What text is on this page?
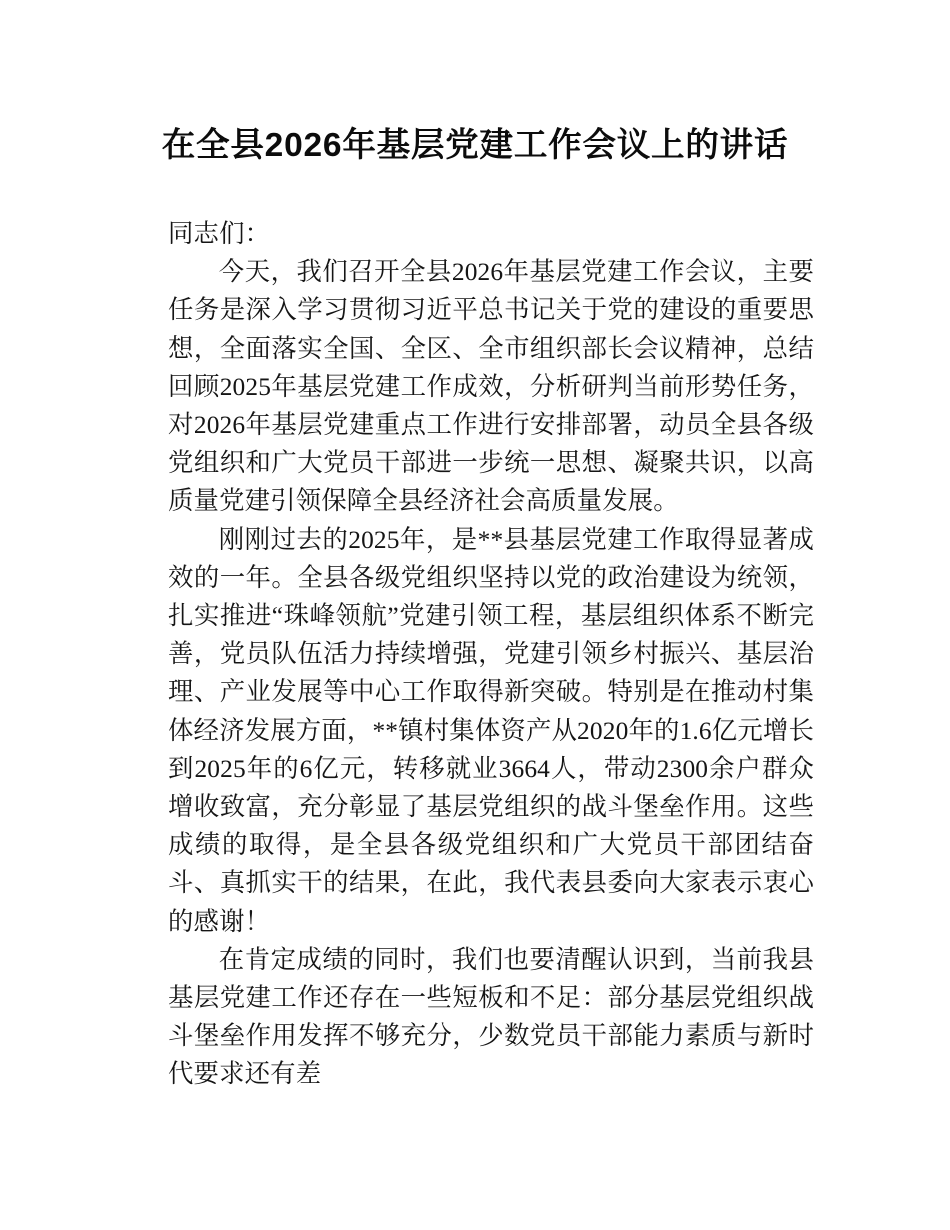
在全县2026年基层党建工作会议上的讲话

同志们：

今天，我们召开全县2026年基层党建工作会议，主要任务是深入学习贯彻习近平总书记关于党的建设的重要思想，全面落实全国、全区、全市组织部长会议精神，总结回顾2025年基层党建工作成效，分析研判当前形势任务，对2026年基层党建重点工作进行安排部署，动员全县各级党组织和广大党员干部进一步统一思想、凝聚共识，以高质量党建引领保障全县经济社会高质量发展。

刚刚过去的2025年，是**县基层党建工作取得显著成效的一年。全县各级党组织坚持以党的政治建设为统领，扎实推进“珠峰领航”党建引领工程，基层组织体系不断完善，党员队伍活力持续增强，党建引领乡村振兴、基层治理、产业发展等中心工作取得新突破。特别是在推动村集体经济发展方面，**镇村集体资产从2020年的1.6亿元增长到2025年的6亿元，转移就业3664人，带动2300余户群众增收致富，充分彰显了基层党组织的战斗堡垒作用。这些成绩的取得，是全县各级党组织和广大党员干部团结奋斗、真抓实干的结果，在此，我代表县委向大家表示衷心的感谢！

在肯定成绩的同时，我们也要清醒认识到，当前我县基层党建工作还存在一些短板和不足：部分基层党组织战斗堡垒作用发挥不够充分，少数党员干部能力素质与新时代要求还有差
